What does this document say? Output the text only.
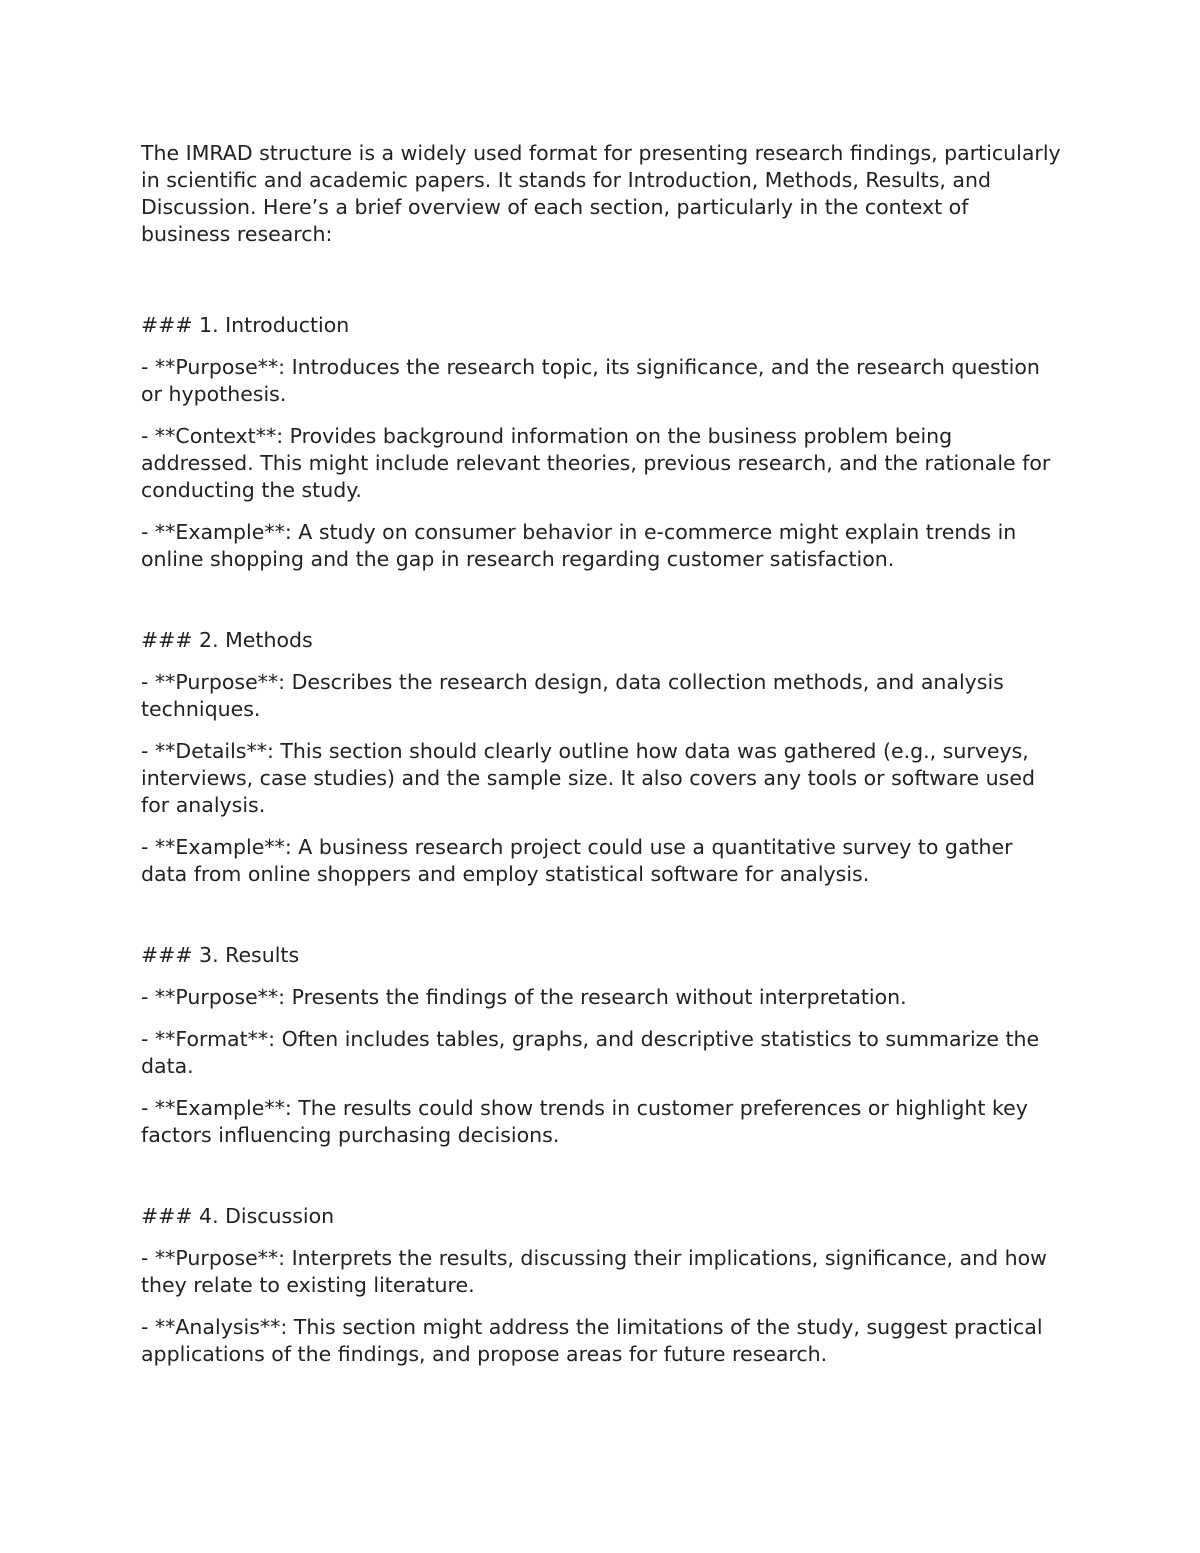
The IMRAD structure is a widely used format for presenting research findings, particularly in scientific and academic papers. It stands for Introduction, Methods, Results, and Discussion. Here’s a brief overview of each section, particularly in the context of business research:

### 1. Introduction

- **Purpose**: Introduces the research topic, its significance, and the research question or hypothesis.

- **Context**: Provides background information on the business problem being addressed. This might include relevant theories, previous research, and the rationale for conducting the study.

- **Example**: A study on consumer behavior in e-commerce might explain trends in online shopping and the gap in research regarding customer satisfaction.

### 2. Methods

- **Purpose**: Describes the research design, data collection methods, and analysis techniques.

- **Details**: This section should clearly outline how data was gathered (e.g., surveys, interviews, case studies) and the sample size. It also covers any tools or software used for analysis.

- **Example**: A business research project could use a quantitative survey to gather data from online shoppers and employ statistical software for analysis.

### 3. Results

- **Purpose**: Presents the findings of the research without interpretation.

- **Format**: Often includes tables, graphs, and descriptive statistics to summarize the data.

- **Example**: The results could show trends in customer preferences or highlight key factors influencing purchasing decisions.

### 4. Discussion

- **Purpose**: Interprets the results, discussing their implications, significance, and how they relate to existing literature.

- **Analysis**: This section might address the limitations of the study, suggest practical applications of the findings, and propose areas for future research.
